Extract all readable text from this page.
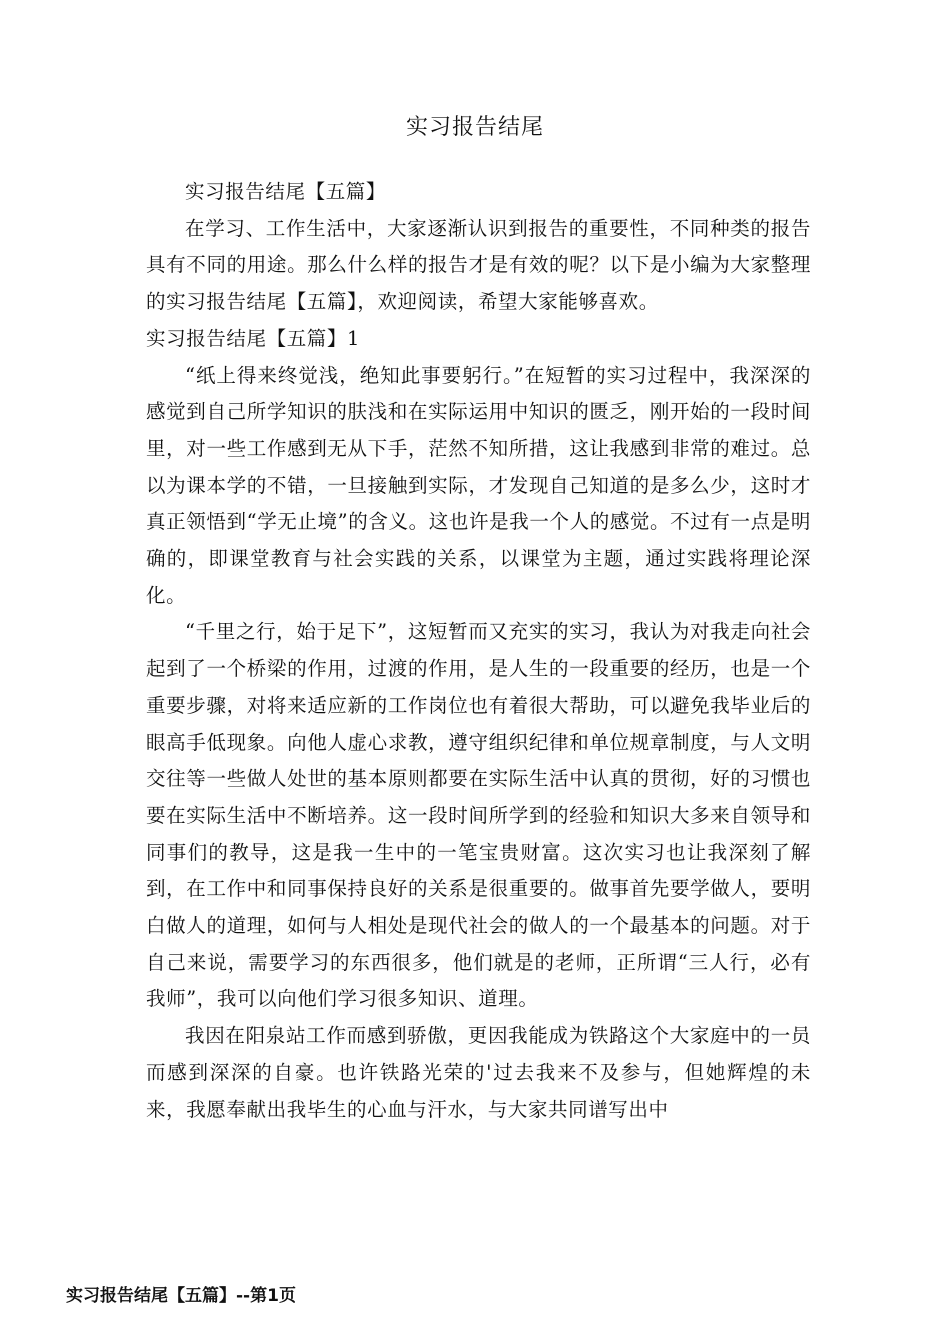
实习报告结尾

实习报告结尾【五篇】

在学习、工作生活中，大家逐渐认识到报告的重要性，不同种类的报告具有不同的用途。那么什么样的报告才是有效的呢？以下是小编为大家整理的实习报告结尾【五篇】，欢迎阅读，希望大家能够喜欢。

实习报告结尾【五篇】1

“纸上得来终觉浅，绝知此事要躬行。”在短暂的实习过程中，我深深的感觉到自己所学知识的肤浅和在实际运用中知识的匮乏，刚开始的一段时间里，对一些工作感到无从下手，茫然不知所措，这让我感到非常的难过。总以为课本学的不错，一旦接触到实际，才发现自己知道的是多么少，这时才真正领悟到“学无止境”的含义。这也许是我一个人的感觉。不过有一点是明确的，即课堂教育与社会实践的关系，以课堂为主题，通过实践将理论深化。

“千里之行，始于足下”，这短暂而又充实的实习，我认为对我走向社会起到了一个桥梁的作用，过渡的作用，是人生的一段重要的经历，也是一个重要步骤，对将来适应新的工作岗位也有着很大帮助，可以避免我毕业后的眼高手低现象。向他人虚心求教，遵守组织纪律和单位规章制度，与人文明交往等一些做人处世的基本原则都要在实际生活中认真的贯彻，好的习惯也要在实际生活中不断培养。这一段时间所学到的经验和知识大多来自领导和同事们的教导，这是我一生中的一笔宝贵财富。这次实习也让我深刻了解到，在工作中和同事保持良好的关系是很重要的。做事首先要学做人，要明白做人的道理，如何与人相处是现代社会的做人的一个最基本的问题。对于自己来说，需要学习的东西很多，他们就是的老师，正所谓“三人行，必有我师”，我可以向他们学习很多知识、道理。

我因在阳泉站工作而感到骄傲，更因我能成为铁路这个大家庭中的一员而感到深深的自豪。也许铁路光荣的'过去我来不及参与，但她辉煌的未来，我愿奉献出我毕生的心血与汗水，与大家共同谱写出中

实习报告结尾【五篇】--第1页
